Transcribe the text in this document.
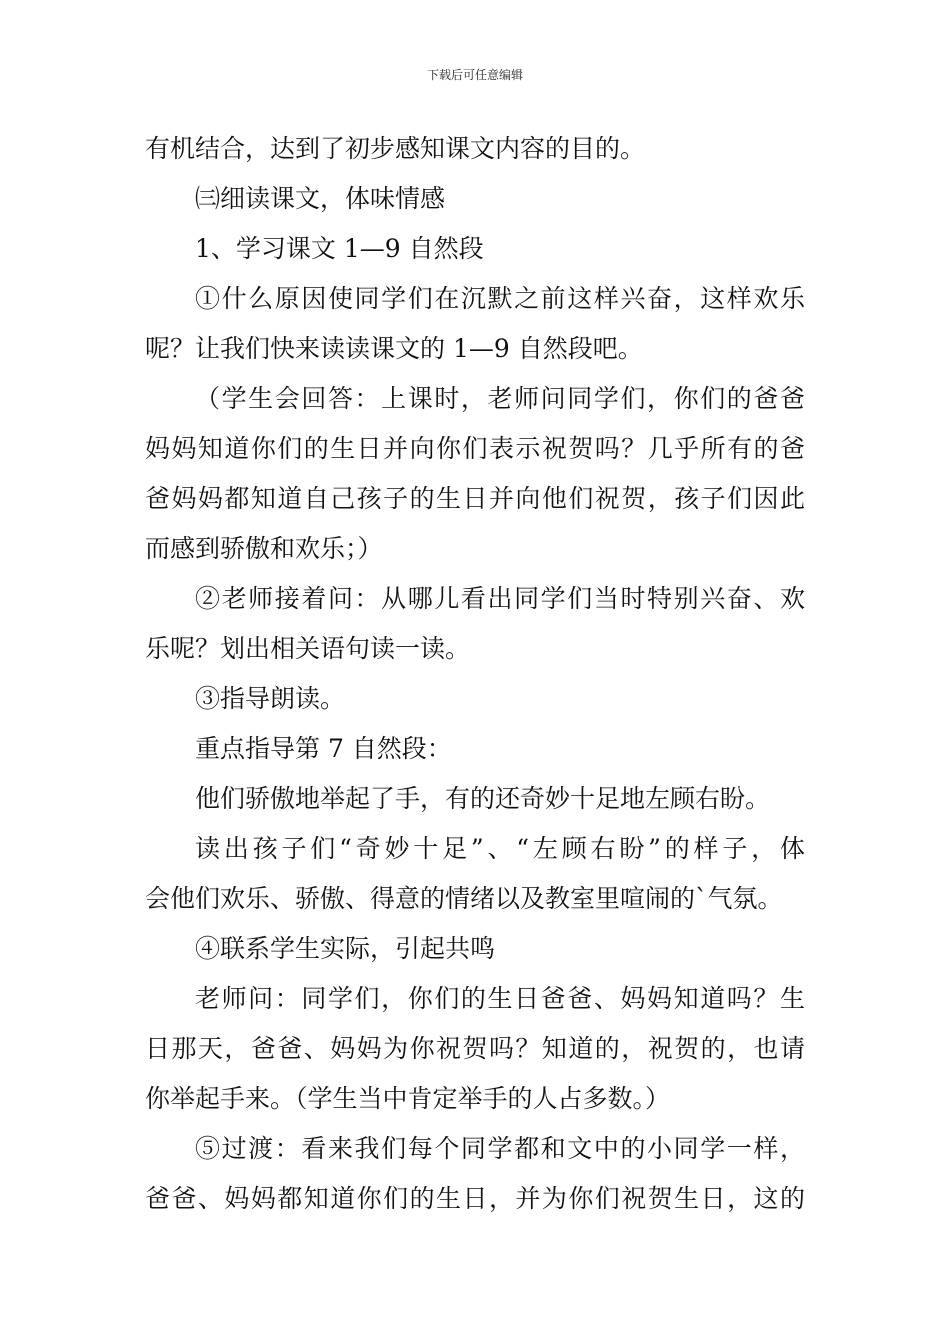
下载后可任意编辑

有机结合，达到了初步感知课文内容的目的。

㈢细读课文，体味情感

1、学习课文 1—9 自然段

①什么原因使同学们在沉默之前这样兴奋，这样欢乐

呢？让我们快来读读课文的 1—9 自然段吧。

（学生会回答：上课时，老师问同学们，你们的爸爸

妈妈知道你们的生日并向你们表示祝贺吗？几乎所有的爸

爸妈妈都知道自己孩子的生日并向他们祝贺，孩子们因此

而感到骄傲和欢乐；）

②老师接着问：从哪儿看出同学们当时特别兴奋、欢

乐呢？划出相关语句读一读。

③指导朗读。

重点指导第 7 自然段：

他们骄傲地举起了手，有的还奇妙十足地左顾右盼。

读出孩子们“奇妙十足”、“左顾右盼”的样子，体

会他们欢乐、骄傲、得意的情绪以及教室里喧闹的`气氛。

④联系学生实际，引起共鸣

老师问：同学们，你们的生日爸爸、妈妈知道吗？生

日那天，爸爸、妈妈为你祝贺吗？知道的，祝贺的，也请

你举起手来。（学生当中肯定举手的人占多数。）

⑤过渡：看来我们每个同学都和文中的小同学一样，

爸爸、妈妈都知道你们的生日，并为你们祝贺生日，这的
